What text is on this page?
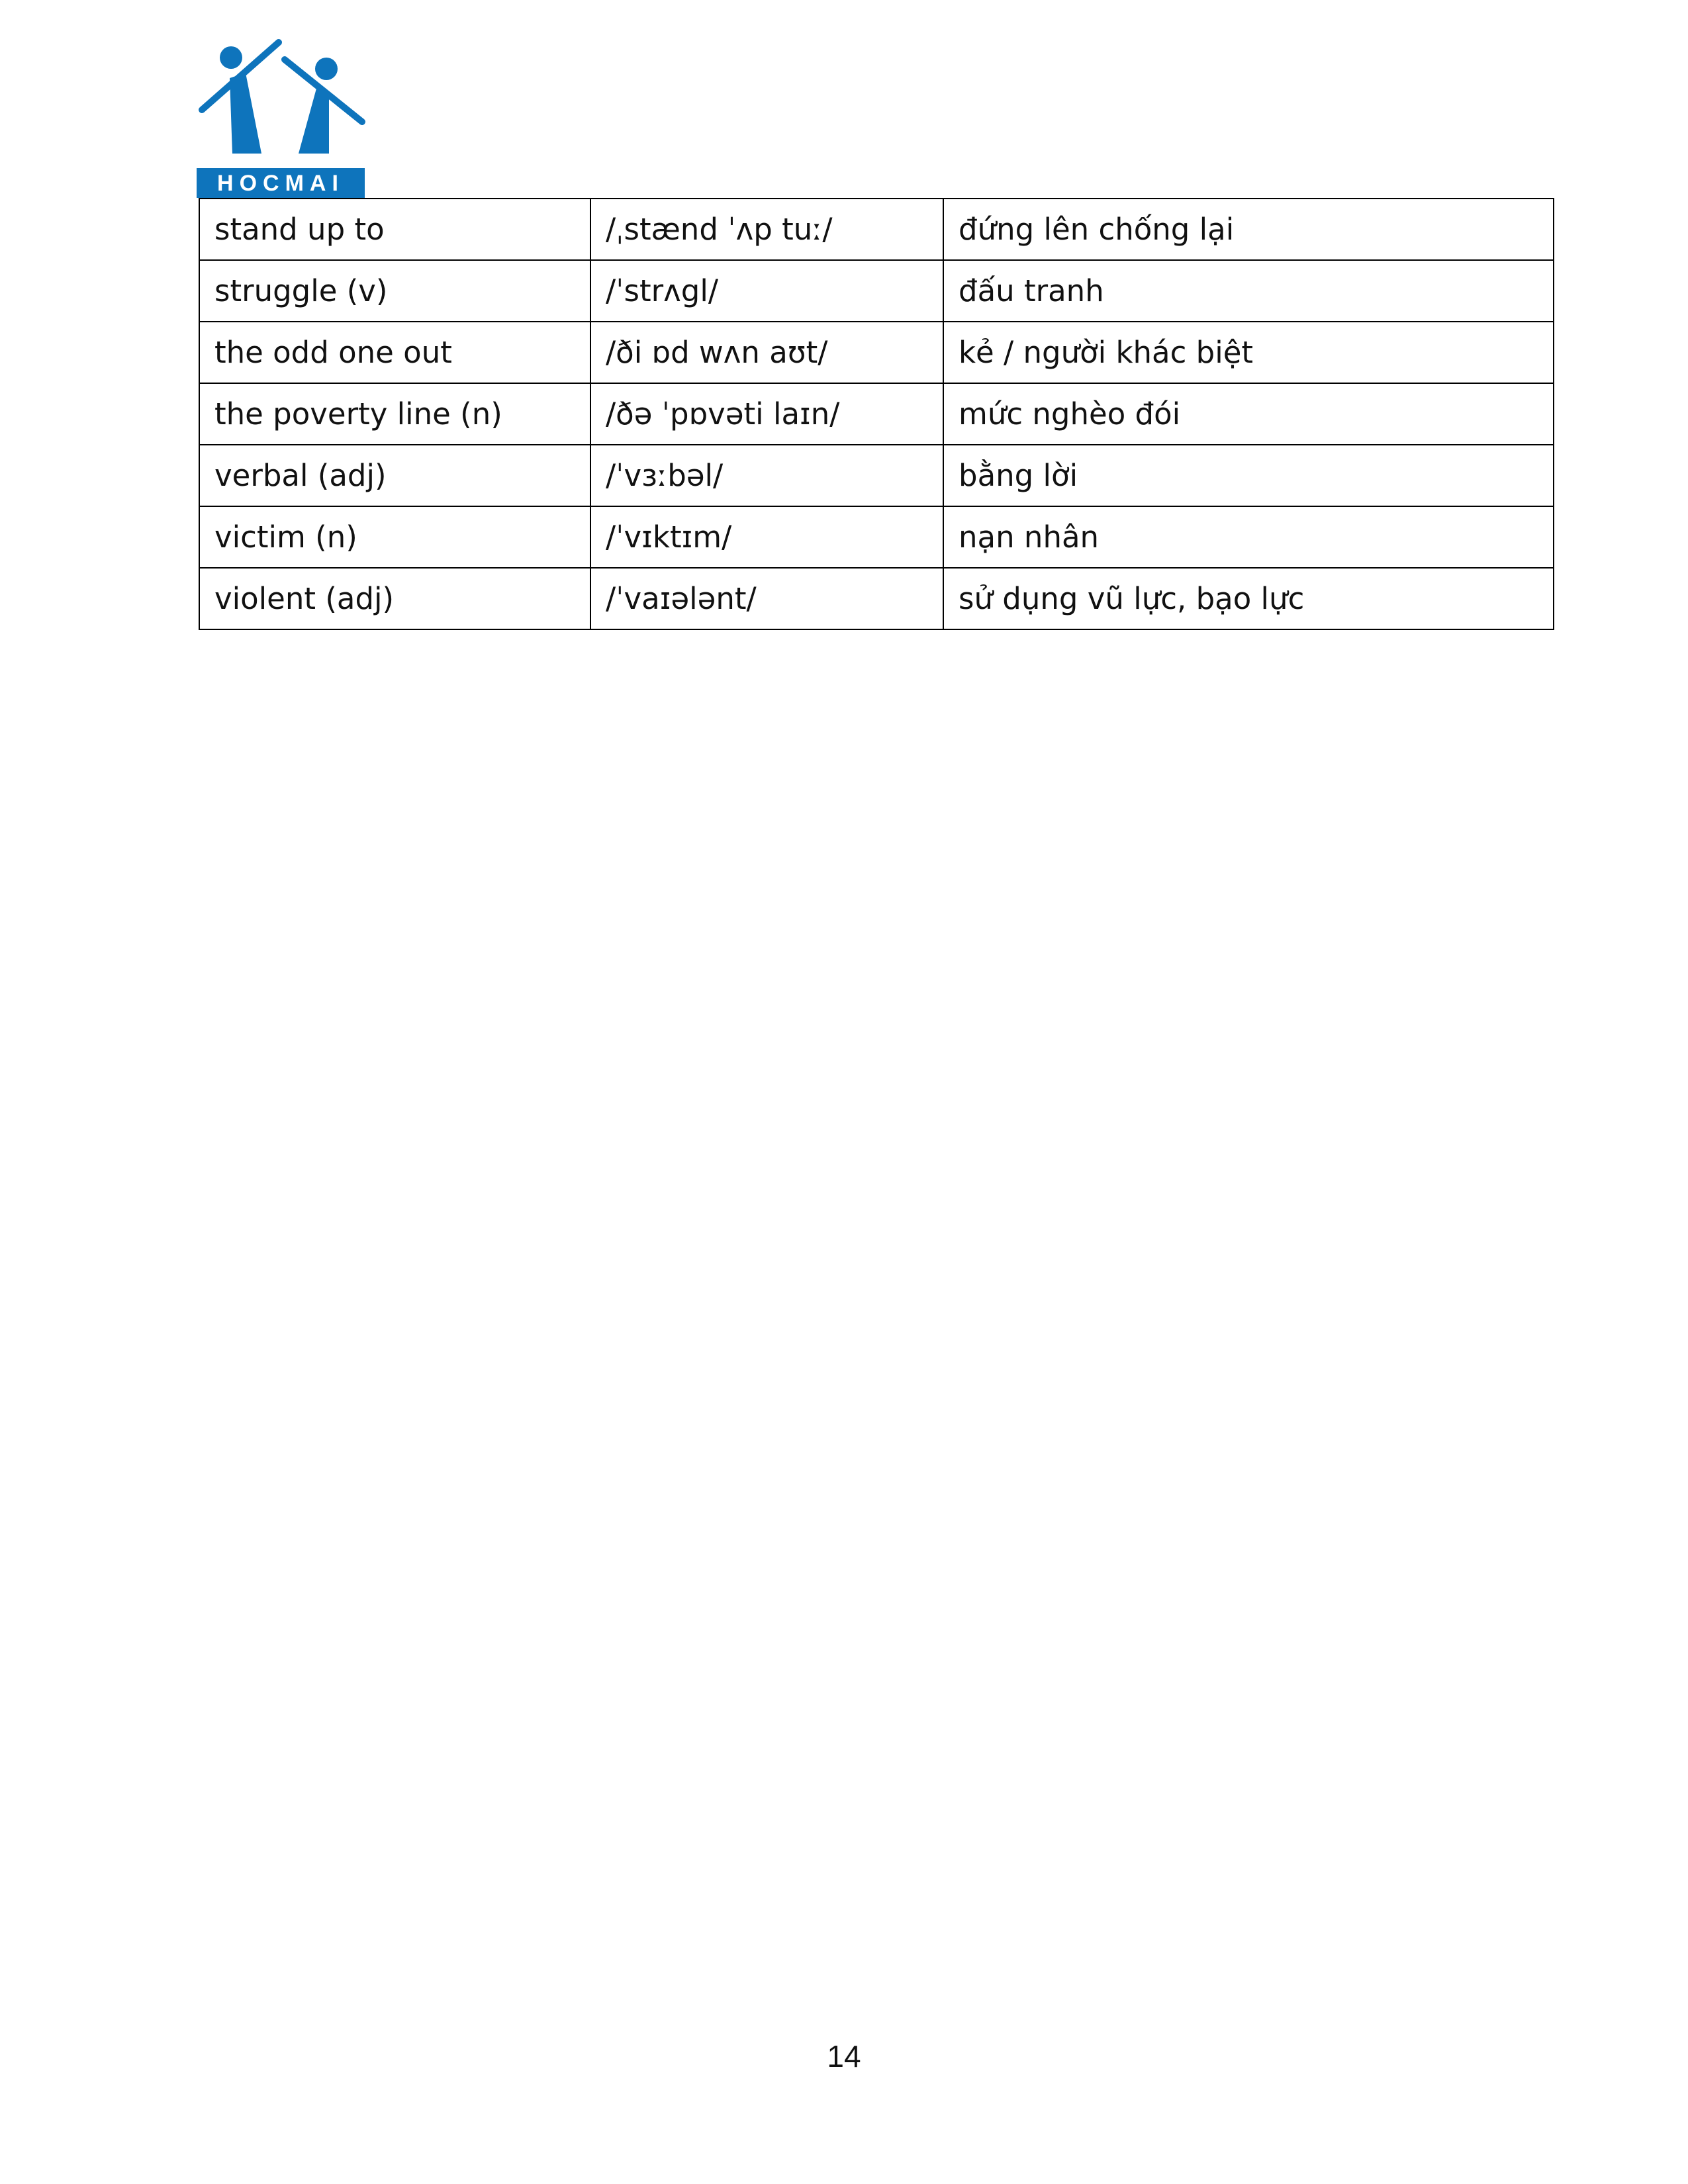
HOCMAI
stand up to	/ˌstænd ˈʌp tuː/	đứng lên chống lại
struggle (v)	/ˈstrʌgl/	đấu tranh
the odd one out	/ði ɒd wʌn aʊt/	kẻ / người khác biệt
the poverty line (n)	/ðə ˈpɒvəti laɪn/	mức nghèo đói
verbal (adj)	/ˈvɜːbəl/	bằng lời
victim (n)	/ˈvɪktɪm/	nạn nhân
violent (adj)	/ˈvaɪələnt/	sử dụng vũ lực, bạo lực
14
